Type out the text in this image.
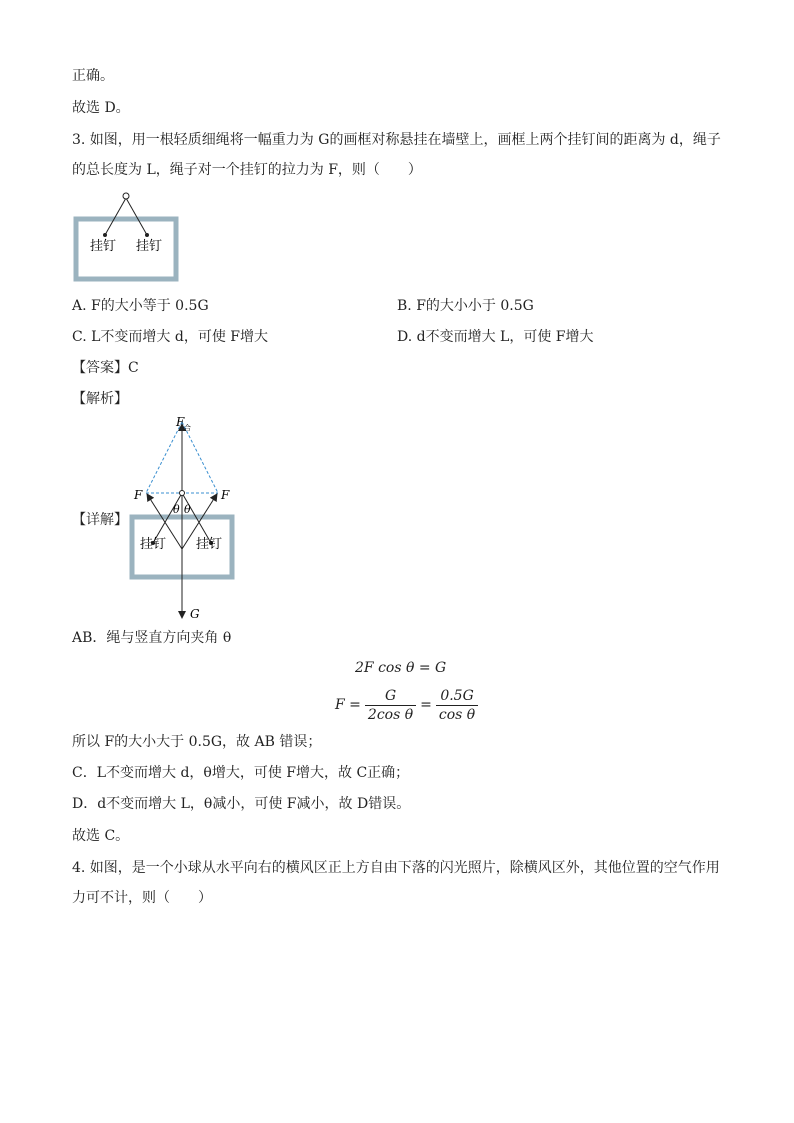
正确。
故选 D。
3. 如图，用一根轻质细绳将一幅重力为 G的画框对称悬挂在墙壁上，画框上两个挂钉间的距离为 d，绳子
的总长度为 L，绳子对一个挂钉的拉力为 F，则（　　）
挂钉 挂钉
A. F的大小等于 0.5G	B. F的大小小于 0.5G
C. L不变而增大 d，可使 F增大	D. d不变而增大 L，可使 F增大
【答案】C
【解析】
【详解】
F 合
F	F
θ θ
挂钉 挂钉
G
AB．绳与竖直方向夹角 θ
2F cos θ = G
$F = \frac{G}{\text{2cos θ}} = \frac{0.5G}{\text{cos θ}}$
所以 F的大小大于 0.5G，故 AB 错误；
C．L不变而增大 d，θ增大，可使 F增大，故 C正确；
D．d不变而增大 L，θ减小，可使 F减小，故 D错误。
故选 C。
4. 如图，是一个小球从水平向右的横风区正上方自由下落的闪光照片，除横风区外，其他位置的空气作用
力可不计，则（　　）
